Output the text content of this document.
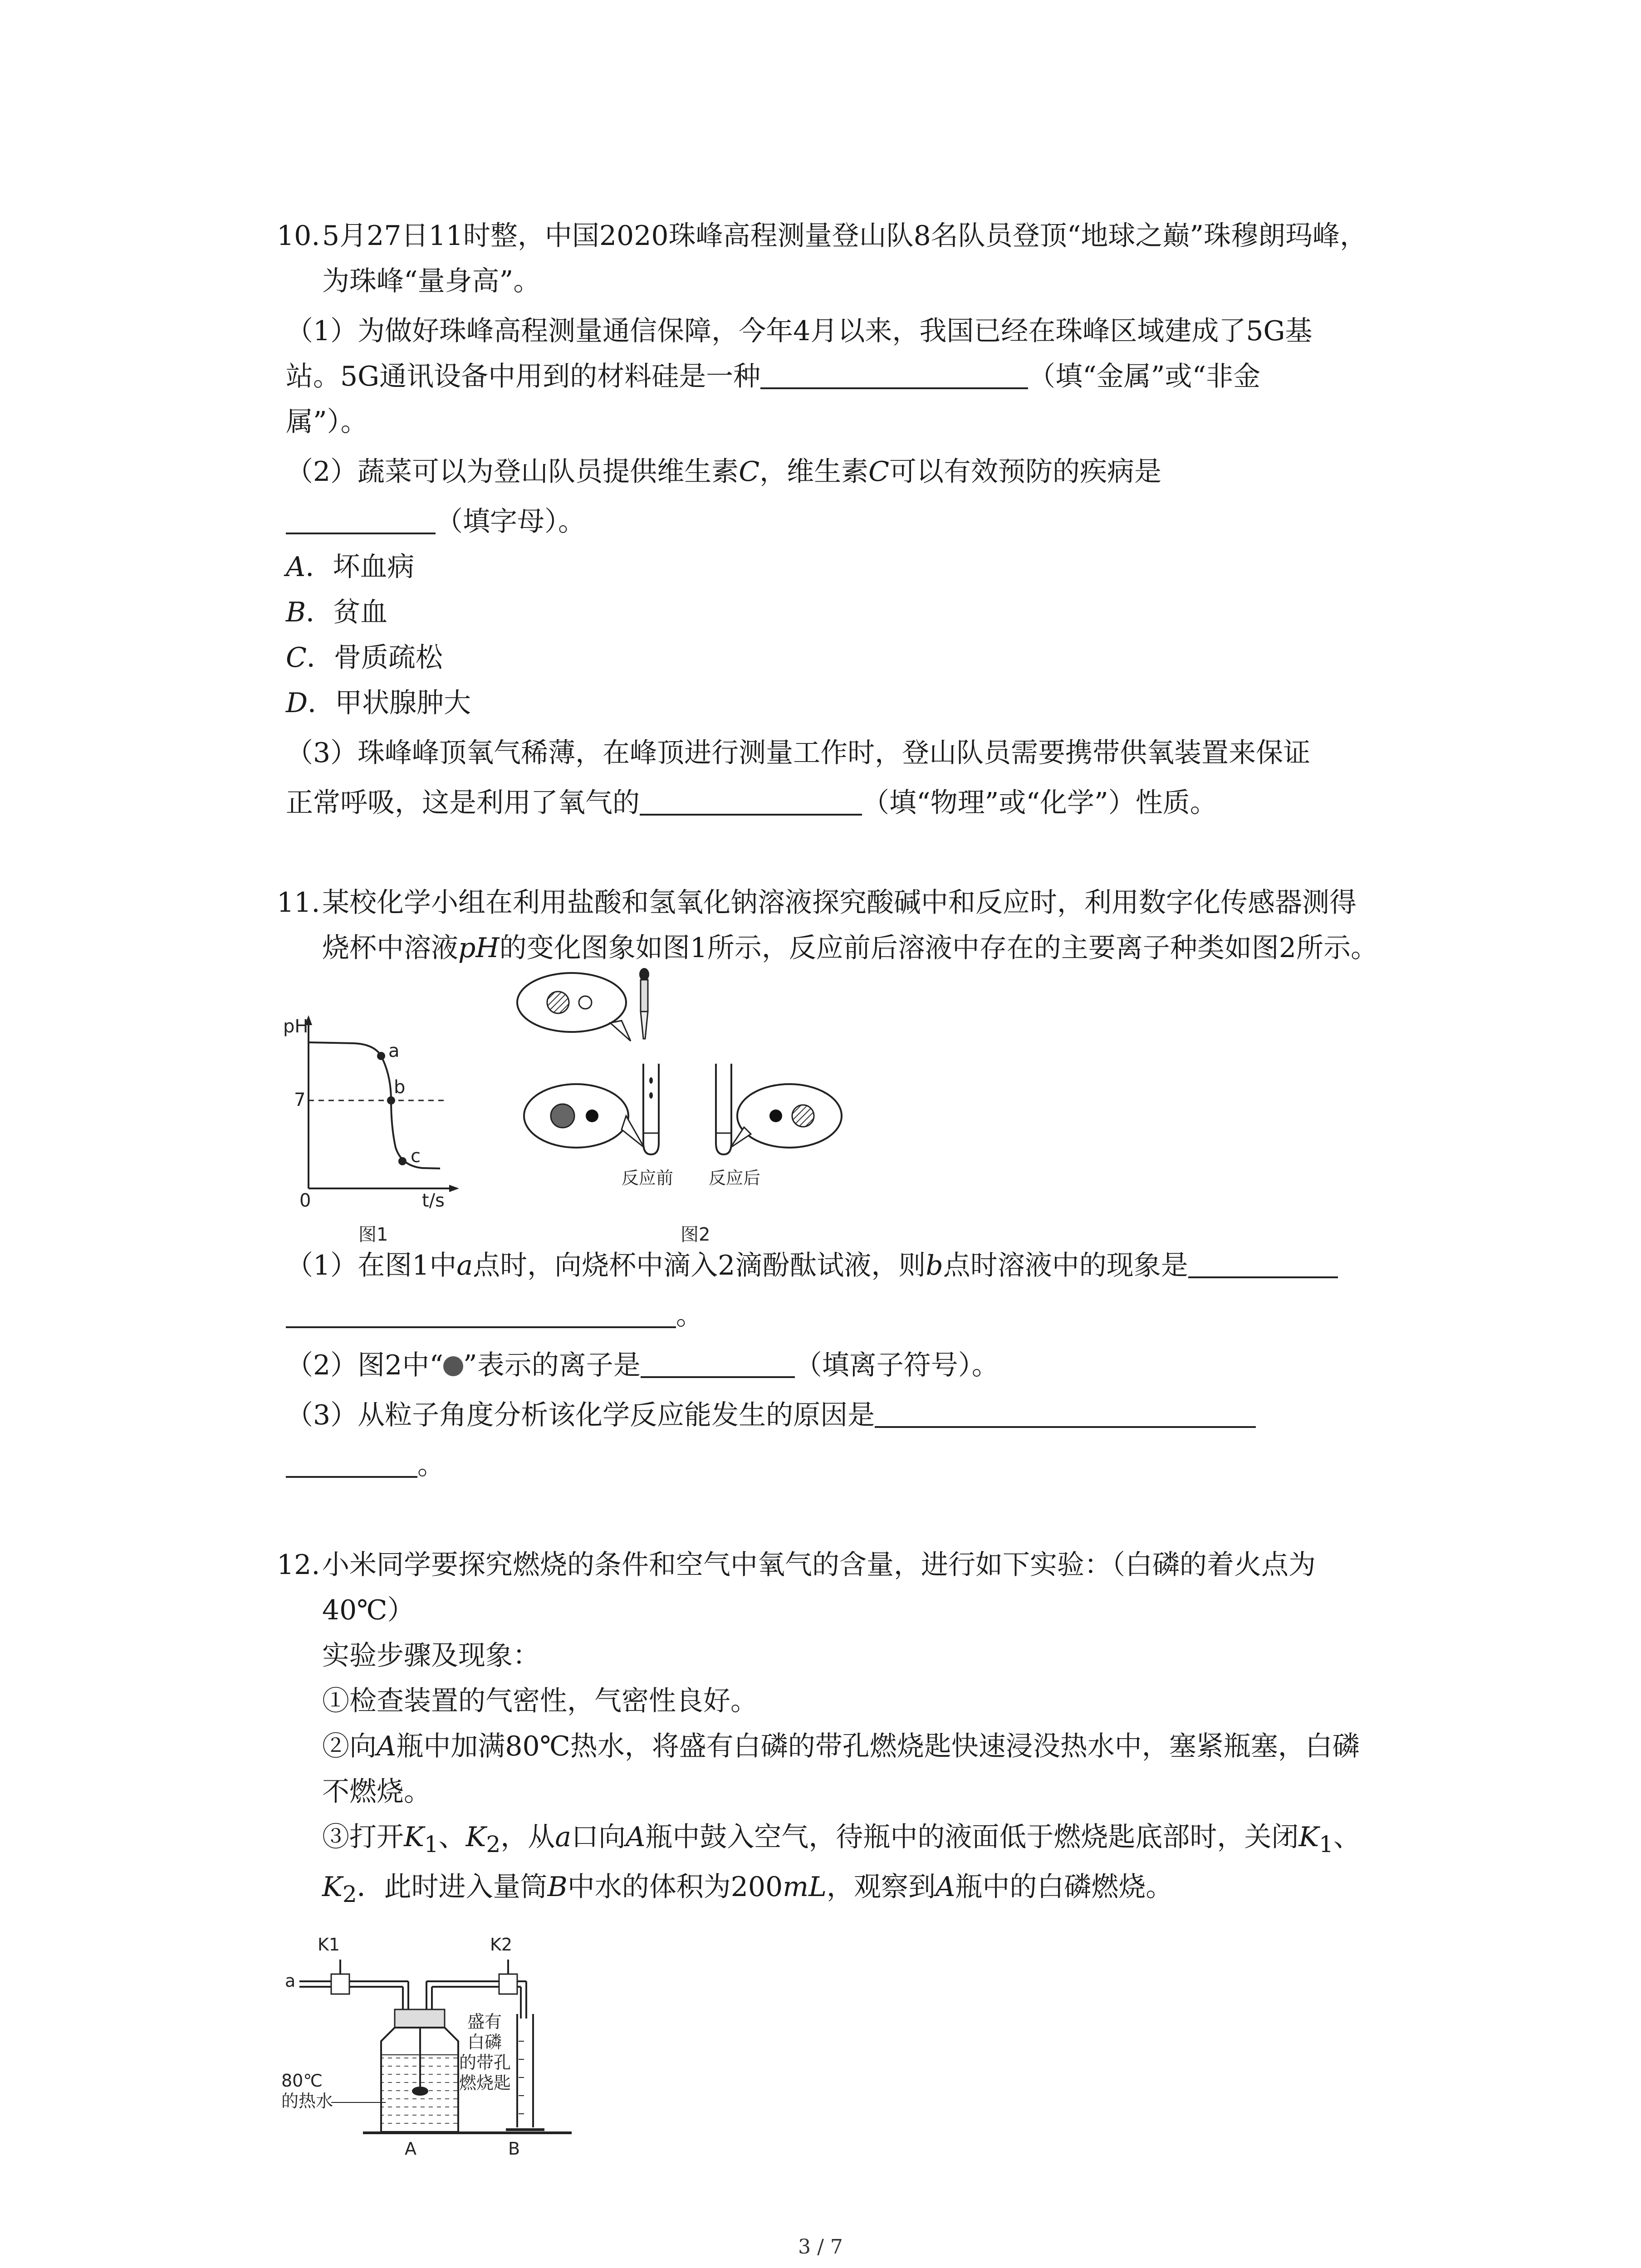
10. 5月27日11时整，中国2020珠峰高程测量登山队8名队员登顶“地球之巅”珠穆朗玛峰，
为珠峰“量身高”。
（1）为做好珠峰高程测量通信保障，今年4月以来，我国已经在珠峰区域建成了5G基
站。5G通讯设备中用到的材料硅是一种	（填“金属”或“非金
属”）。
（2）蔬菜可以为登山队员提供维生素C，维生素C可以有效预防的疾病是
（填字母）。
A．坏血病
B．贫血
C．骨质疏松
D．甲状腺肿大
（3）珠峰峰顶氧气稀薄，在峰顶进行测量工作时，登山队员需要携带供氧装置来保证
正常呼吸，这是利用了氧气的	（填“物理”或“化学”）性质。
11. 某校化学小组在利用盐酸和氢氧化钠溶液探究酸碱中和反应时，利用数字化传感器测得
烧杯中溶液pH的变化图象如图1所示，反应前后溶液中存在的主要离子种类如图2所示。
pH
t/s
0
7
a
b
c
图1
反应前 反应后
图2
（1）在图1中a点时，向烧杯中滴入2滴酚酞试液，则b点时溶液中的现象是
。
（2）图2中“ ”表示的离子是	（填离子符号）。
（3）从粒子角度分析该化学反应能发生的原因是
。
12. 小米同学要探究燃烧的条件和空气中氧气的含量，进行如下实验：（白磷的着火点为
40℃）
实验步骤及现象：
①检查装置的气密性，气密性良好。
②向A瓶中加满80℃热水，将盛有白磷的带孔燃烧匙快速浸没热水中，塞紧瓶塞，白磷
不燃烧。
③打开$K_1$、$K_2$，从a口向A瓶中鼓入空气，待瓶中的液面低于燃烧匙底部时，关闭$K_1$、
$K_2$．此时进入量筒B中水的体积为200mL，观察到A瓶中的白磷燃烧。
K1	K2
a
盛有
白磷
的带孔
燃烧匙
80℃
的热水
A	B
3 / 7
